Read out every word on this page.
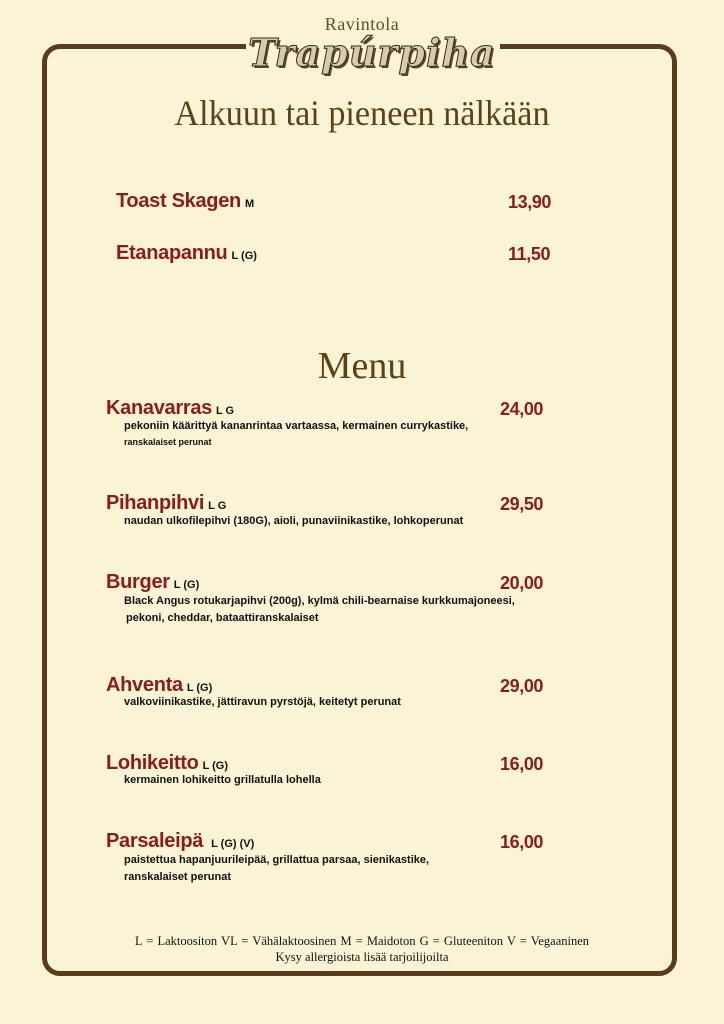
Ravintola
Trapúrpiha
Alkuun tai pieneen nälkään
Toast Skagen M	13,90
Etanapannu L (G)	11,50
Menu
Kanavarras L G	24,00
pekoniin käärittyä kananrintaa vartaassa, kermainen currykastike,
ranskalaiset perunat
Pihanpihvi L G	29,50
naudan ulkofilepihvi (180G), aioli, punaviinikastike, lohkoperunat
Burger L (G)	20,00
Black Angus rotukarjapihvi (200g), kylmä chili-bearnaise kurkkumajoneesi,
pekoni, cheddar, bataattiranskalaiset
Ahventa L (G)	29,00
valkoviinikastike, jättiravun pyrstöjä, keitetyt perunat
Lohikeitto L (G)	16,00
kermainen lohikeitto grillatulla lohella
Parsaleipä L (G) (V)	16,00
paistettua hapanjuurileipää, grillattua parsaa, sienikastike,
ranskalaiset perunat
L = Laktoositon VL = Vähälaktoosinen M = Maidoton G = Gluteeniton V = Vegaaninen
Kysy allergioista lisää tarjoilijoilta
